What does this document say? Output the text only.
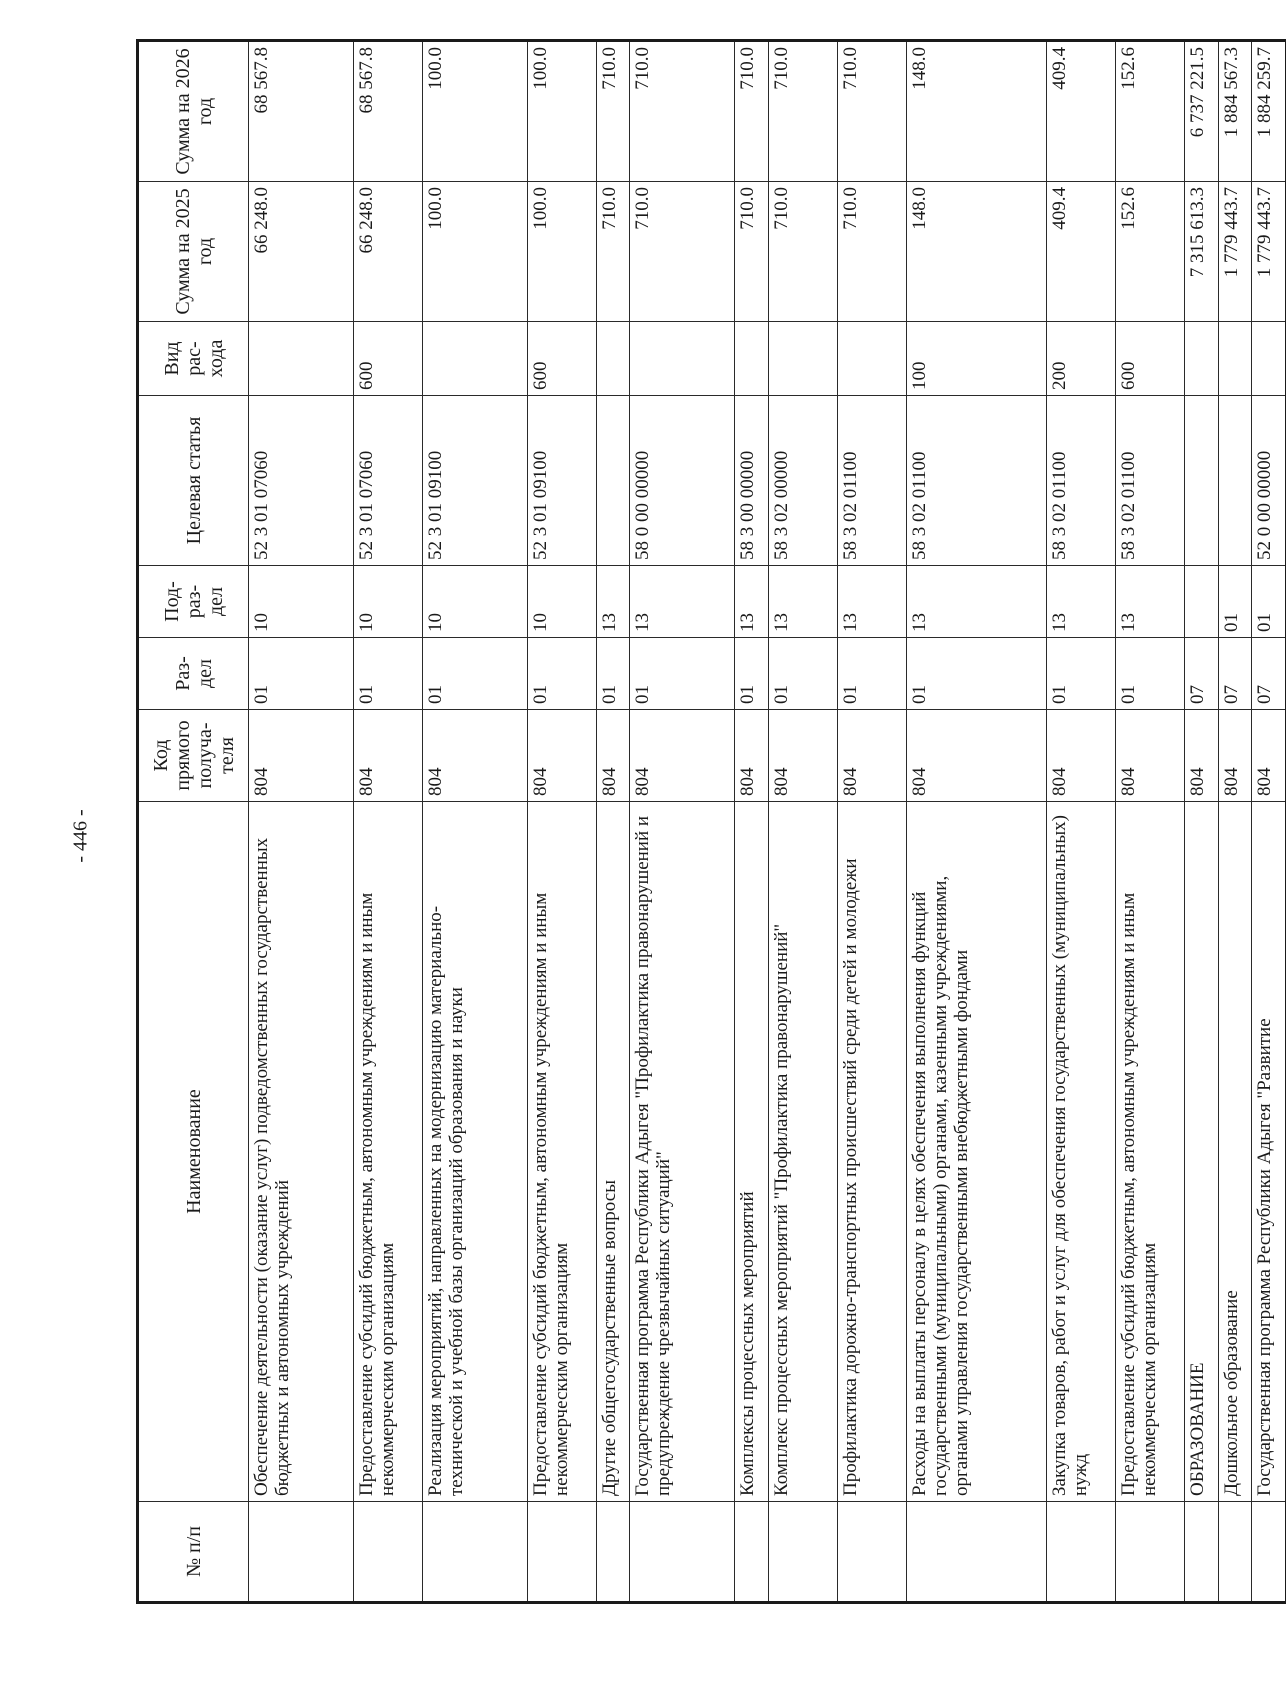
- 446 -
№ п/п	Наименование	Код прямого получа-теля	Раз-дел	Под-раз-дел	Целевая статья	Вид рас-хода	Сумма на 2025 год	Сумма на 2026 год
	Обеспечение деятельности (оказание услуг) подведомственных государственных бюджетных и автономных учреждений	804	01	10	52 3 01 07060		66 248.0	68 567.8
	Предоставление субсидий бюджетным, автономным учреждениям и иным некоммерческим организациям	804	01	10	52 3 01 07060	600	66 248.0	68 567.8
	Реализация мероприятий, направленных на модернизацию материально-технической и учебной базы организаций образования и науки	804	01	10	52 3 01 09100		100.0	100.0
	Предоставление субсидий бюджетным, автономным учреждениям и иным некоммерческим организациям	804	01	10	52 3 01 09100	600	100.0	100.0
	Другие общегосударственные вопросы	804	01	13			710.0	710.0
	Государственная программа Республики Адыгея "Профилактика правонарушений и предупреждение чрезвычайных ситуаций"	804	01	13	58 0 00 00000		710.0	710.0
	Комплексы процессных мероприятий	804	01	13	58 3 00 00000		710.0	710.0
	Комплекс процессных мероприятий "Профилактика правонарушений"	804	01	13	58 3 02 00000		710.0	710.0
	Профилактика дорожно-транспортных происшествий среди детей и молодежи	804	01	13	58 3 02 01100		710.0	710.0
	Расходы на выплаты персоналу в целях обеспечения выполнения функций государственными (муниципальными) органами, казенными учреждениями, органами управления государственными внебюджетными фондами	804	01	13	58 3 02 01100	100	148.0	148.0
	Закупка товаров, работ и услуг для обеспечения государственных (муниципальных) нужд	804	01	13	58 3 02 01100	200	409.4	409.4
	Предоставление субсидий бюджетным, автономным учреждениям и иным некоммерческим организациям	804	01	13	58 3 02 01100	600	152.6	152.6
	ОБРАЗОВАНИЕ	804	07				7 315 613.3	6 737 221.5
	Дошкольное образование	804	07	01			1 779 443.7	1 884 567.3
	Государственная программа Республики Адыгея "Развитие	804	07	01	52 0 00 00000		1 779 443.7	1 884 259.7
